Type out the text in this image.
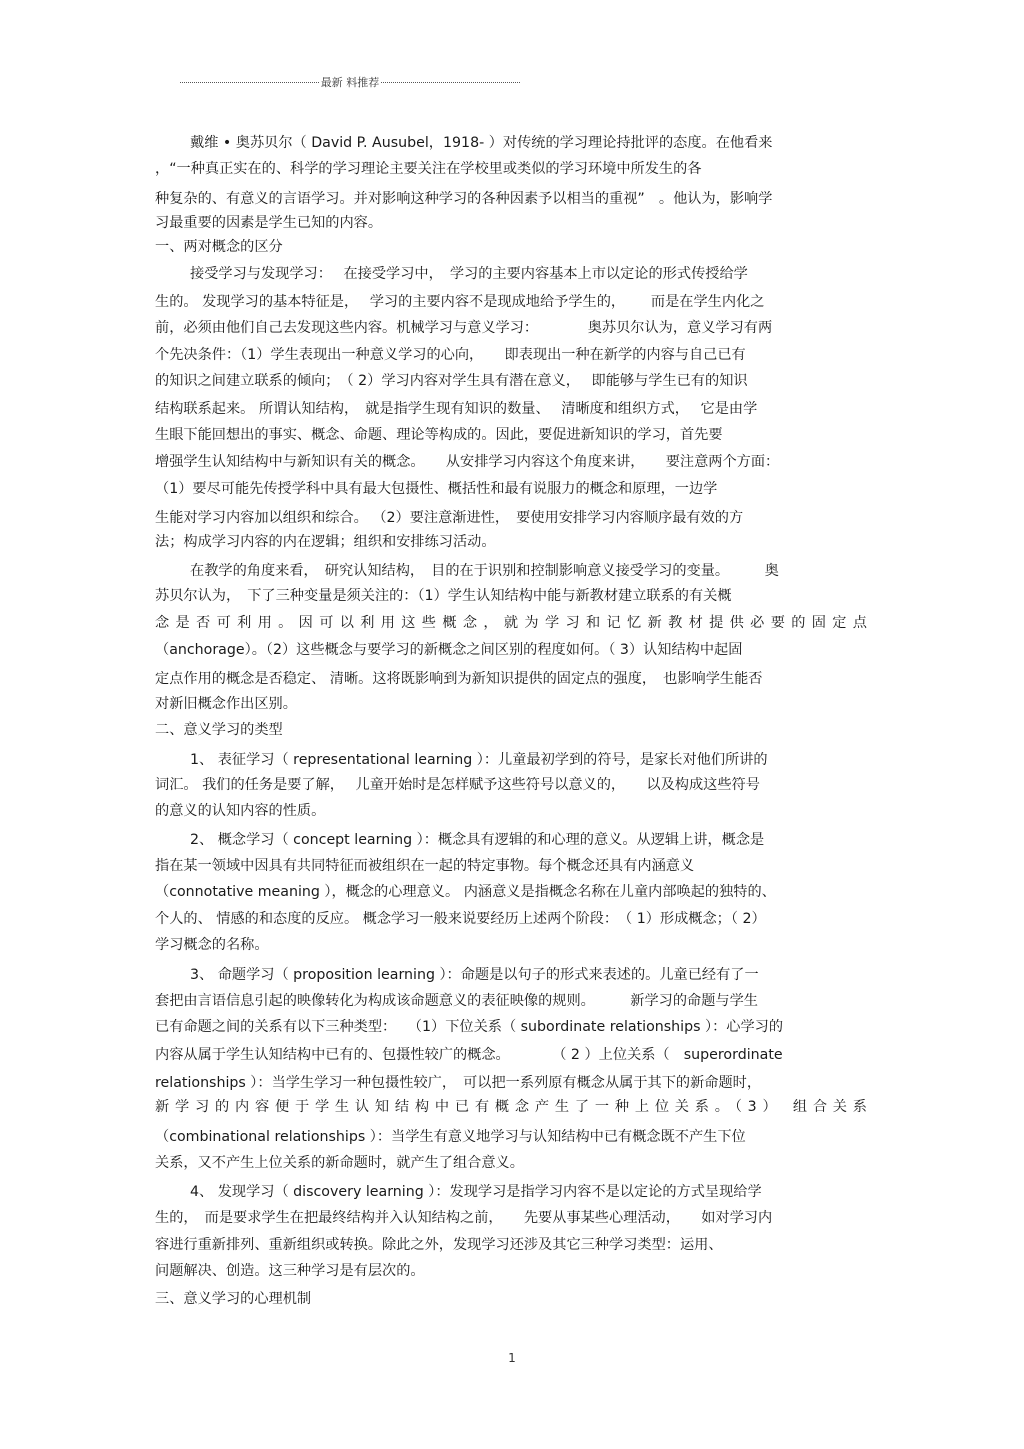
最新 料推荐
戴维 • 奥苏贝尔（ David P. Ausubel，1918- ）对传统的学习理论持批评的态度。在他看来
，“一种真正实在的、科学的学习理论主要关注在学校里或类似的学习环境中所发生的各
种复杂的、有意义的言语学习。并对影响这种学习的各种因素予以相当的重视”　。他认为，影响学
习最重要的因素是学生已知的内容。
一、两对概念的区分
接受学习与发现学习：　 在接受学习中，　学习的主要内容基本上市以定论的形式传授给学
生的。 发现学习的基本特征是，　 学习的主要内容不是现成地给予学生的，　　 而是在学生内化之
前，必须由他们自己去发现这些内容。机械学习与意义学习：　　　　奥苏贝尔认为，意义学习有两
个先决条件：（1）学生表现出一种意义学习的心向，　　即表现出一种在新学的内容与自己已有
的知识之间建立联系的倾向；　（ 2）学习内容对学生具有潜在意义，　 即能够与学生已有的知识
结构联系起来。 所谓认知结构，　就是指学生现有知识的数量、　 清晰度和组织方式，　 它是由学
生眼下能回想出的事实、概念、命题、理论等构成的。因此，要促进新知识的学习，首先要
增强学生认知结构中与新知识有关的概念。　　从安排学习内容这个角度来讲，　　要注意两个方面：
（1）要尽可能先传授学科中具有最大包摄性、概括性和最有说服力的概念和原理，一边学
生能对学习内容加以组织和综合。 （2）要注意渐进性，　要使用安排学习内容顺序最有效的方
法；构成学习内容的内在逻辑；组织和安排练习活动。
在教学的角度来看，　研究认知结构，　目的在于识别和控制影响意义接受学习的变量。　　　奥
苏贝尔认为，　下了三种变量是须关注的：（1）学生认知结构中能与新教材建立联系的有关概
念是否可利用。因可以利用这些概念，就为学习和记忆新教材提供必要的固定点
（anchorage）。（2）这些概念与要学习的新概念之间区别的程度如何。（ 3）认知结构中起固
定点作用的概念是否稳定、 清晰。这将既影响到为新知识提供的固定点的强度，　也影响学生能否
对新旧概念作出区别。
二、意义学习的类型
1、 表征学习（ representational learning ）：儿童最初学到的符号，是家长对他们所讲的
词汇。 我们的任务是要了解，　 儿童开始时是怎样赋予这些符号以意义的，　　以及构成这些符号
的意义的认知内容的性质。
2、 概念学习（ concept learning ）：概念具有逻辑的和心理的意义。从逻辑上讲，概念是
指在某一领域中因具有共同特征而被组织在一起的特定事物。每个概念还具有内涵意义
（connotative meaning ），概念的心理意义。 内涵意义是指概念名称在儿童内部唤起的独特的、
个人的、 情感的和态度的反应。 概念学习一般来说要经历上述两个阶段：　（ 1）形成概念；（ 2）
学习概念的名称。
3、 命题学习（ proposition learning ）：命题是以句子的形式来表述的。儿童已经有了一
套把由言语信息引起的映像转化为构成该命题意义的表征映像的规则。　　　新学习的命题与学生
已有命题之间的关系有以下三种类型：　 （1）下位关系（ subordinate relationships ）：心学习的
内容从属于学生认知结构中已有的、包摄性较广的概念。　　　　（ 2 ）上位关系（　superordinate
relationships ）：当学生学习一种包摄性较广，　可以把一系列原有概念从属于其下的新命题时，
新学习的内容便于学生认知结构中已有概念产生了一种上位关系。（3） 组合关系
（combinational relationships ）：当学生有意义地学习与认知结构中已有概念既不产生下位
关系，又不产生上位关系的新命题时，就产生了组合意义。
4、 发现学习（ discovery learning ）：发现学习是指学习内容不是以定论的方式呈现给学
生的，　而是要求学生在把最终结构并入认知结构之前，　　先要从事某些心理活动，　　如对学习内
容进行重新排列、重新组织或转换。除此之外，发现学习还涉及其它三种学习类型：运用、
问题解决、创造。这三种学习是有层次的。
三、意义学习的心理机制
1
